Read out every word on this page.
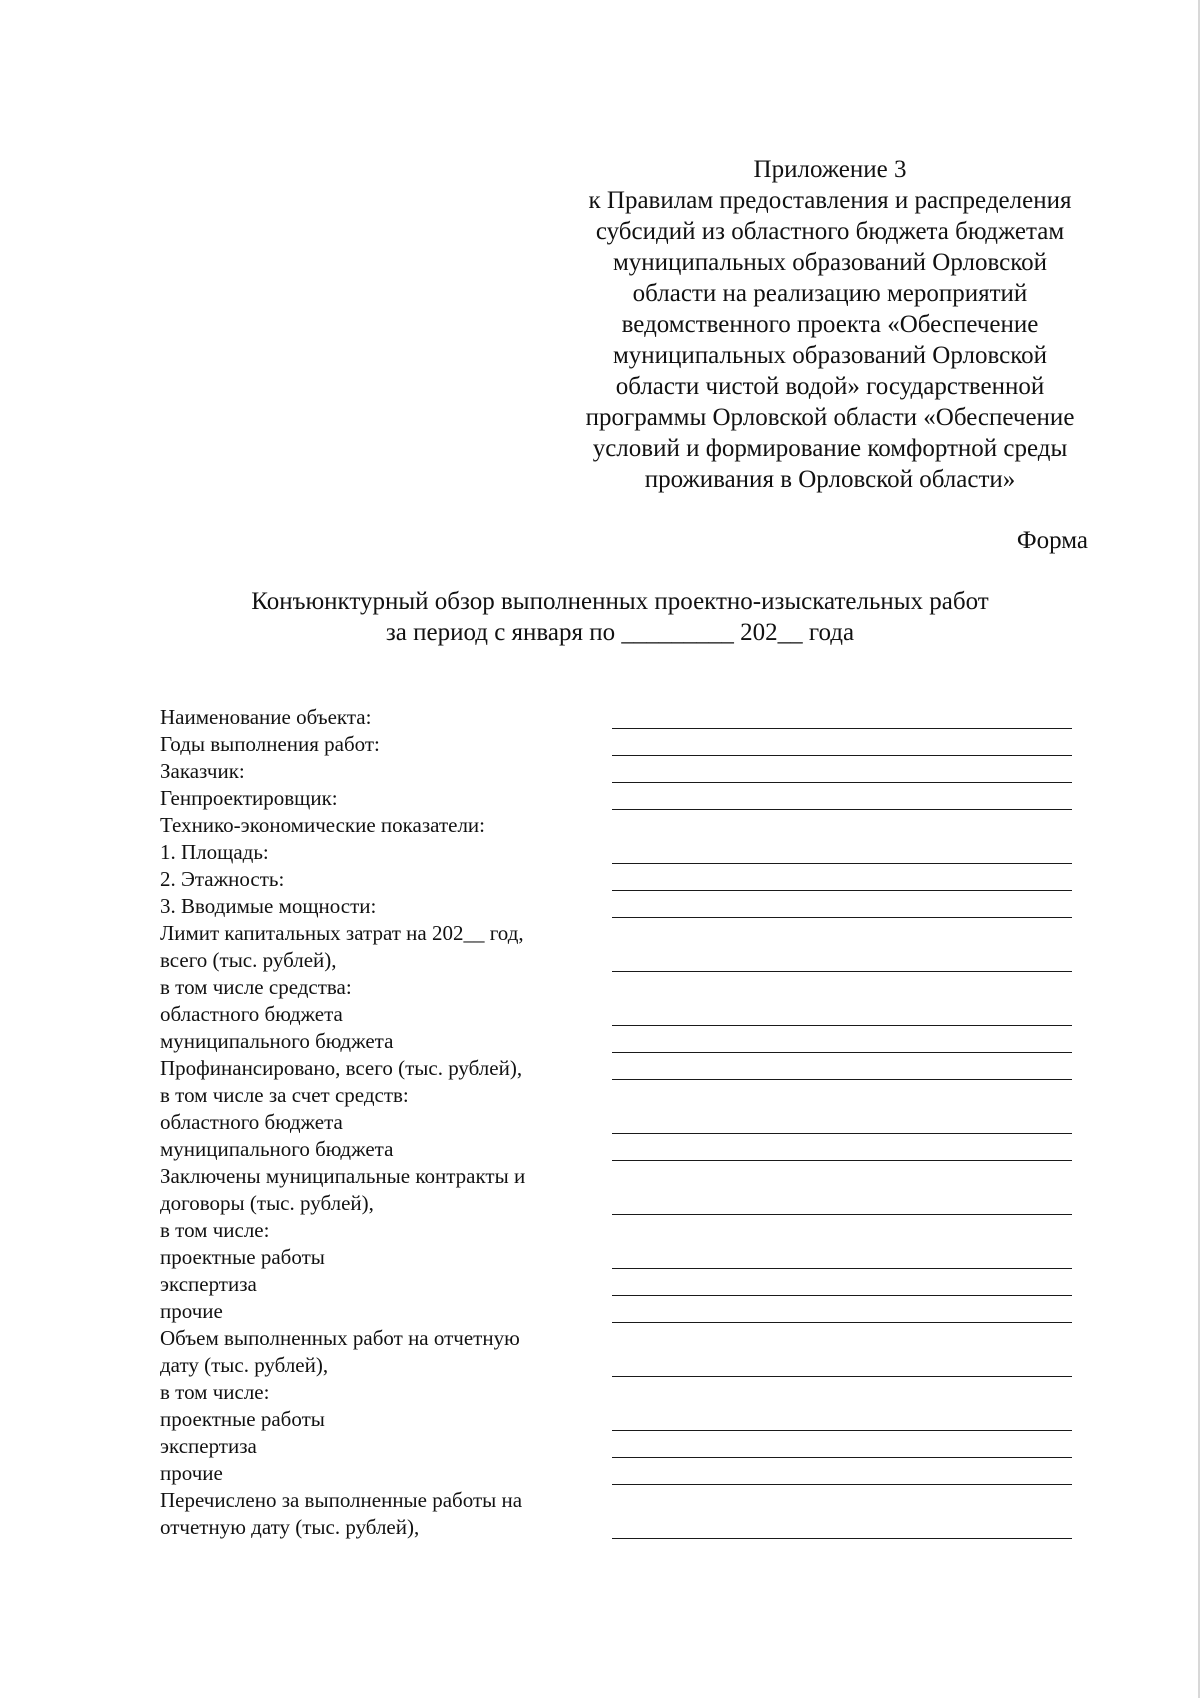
Приложение 3
к Правилам предоставления и распределения
субсидий из областного бюджета бюджетам
муниципальных образований Орловской
области на реализацию мероприятий
ведомственного проекта «Обеспечение
муниципальных образований Орловской
области чистой водой» государственной
программы Орловской области «Обеспечение
условий и формирование комфортной среды
проживания в Орловской области»
Форма
Конъюнктурный обзор выполненных проектно-изыскательных работ
за период с января по _________ 202__ года
Наименование объекта:
Годы выполнения работ:
Заказчик:
Генпроектировщик:
Технико-экономические показатели:
1. Площадь:
2. Этажность:
3. Вводимые мощности:
Лимит капитальных затрат на 202__ год,
всего (тыс. рублей),
в том числе средства:
областного бюджета
муниципального бюджета
Профинансировано, всего (тыс. рублей),
в том числе за счет средств:
областного бюджета
муниципального бюджета
Заключены муниципальные контракты и
договоры (тыс. рублей),
в том числе:
проектные работы
экспертиза
прочие
Объем выполненных работ на отчетную
дату (тыс. рублей),
в том числе:
проектные работы
экспертиза
прочие
Перечислено за выполненные работы на
отчетную дату (тыс. рублей),
